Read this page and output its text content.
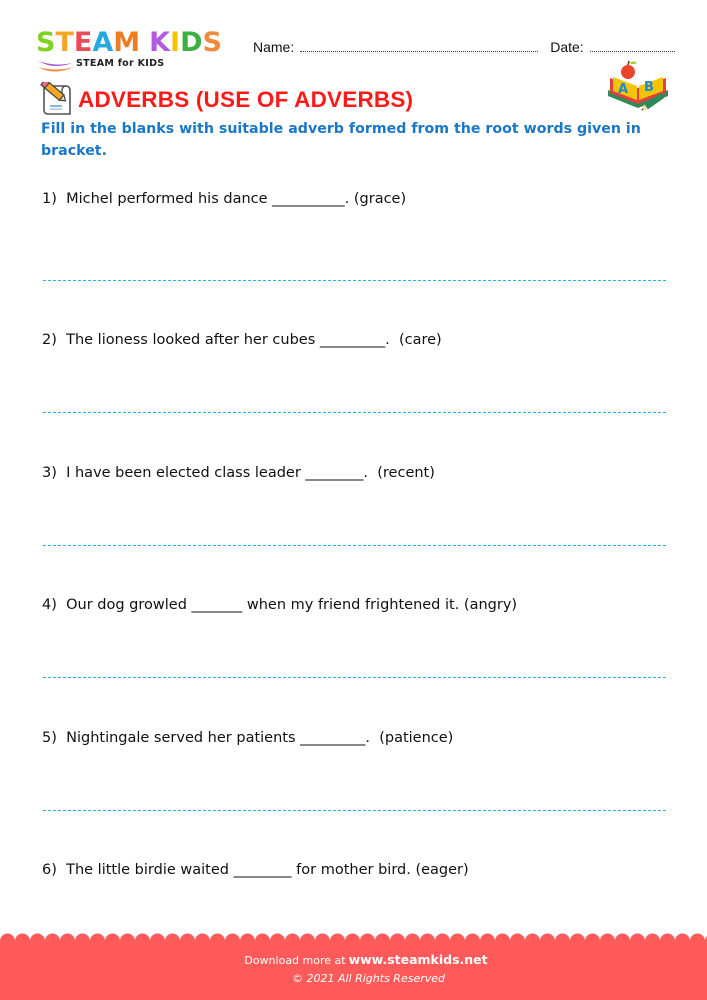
STEAM KIDS
STEAM for KIDS
Name:	Date:
ADVERBS (USE OF ADVERBS)	A B
Fill in the blanks with suitable adverb formed from the root words given in bracket.
1) Michel performed his dance __________. (grace)
2) The lioness looked after her cubes _________.  (care)
3) I have been elected class leader ________.  (recent)
4) Our dog growled _______ when my friend frightened it. (angry)
5) Nightingale served her patients _________.  (patience)
6) The little birdie waited ________ for mother bird. (eager)
Download more at www.steamkids.net
© 2021 All Rights Reserved
